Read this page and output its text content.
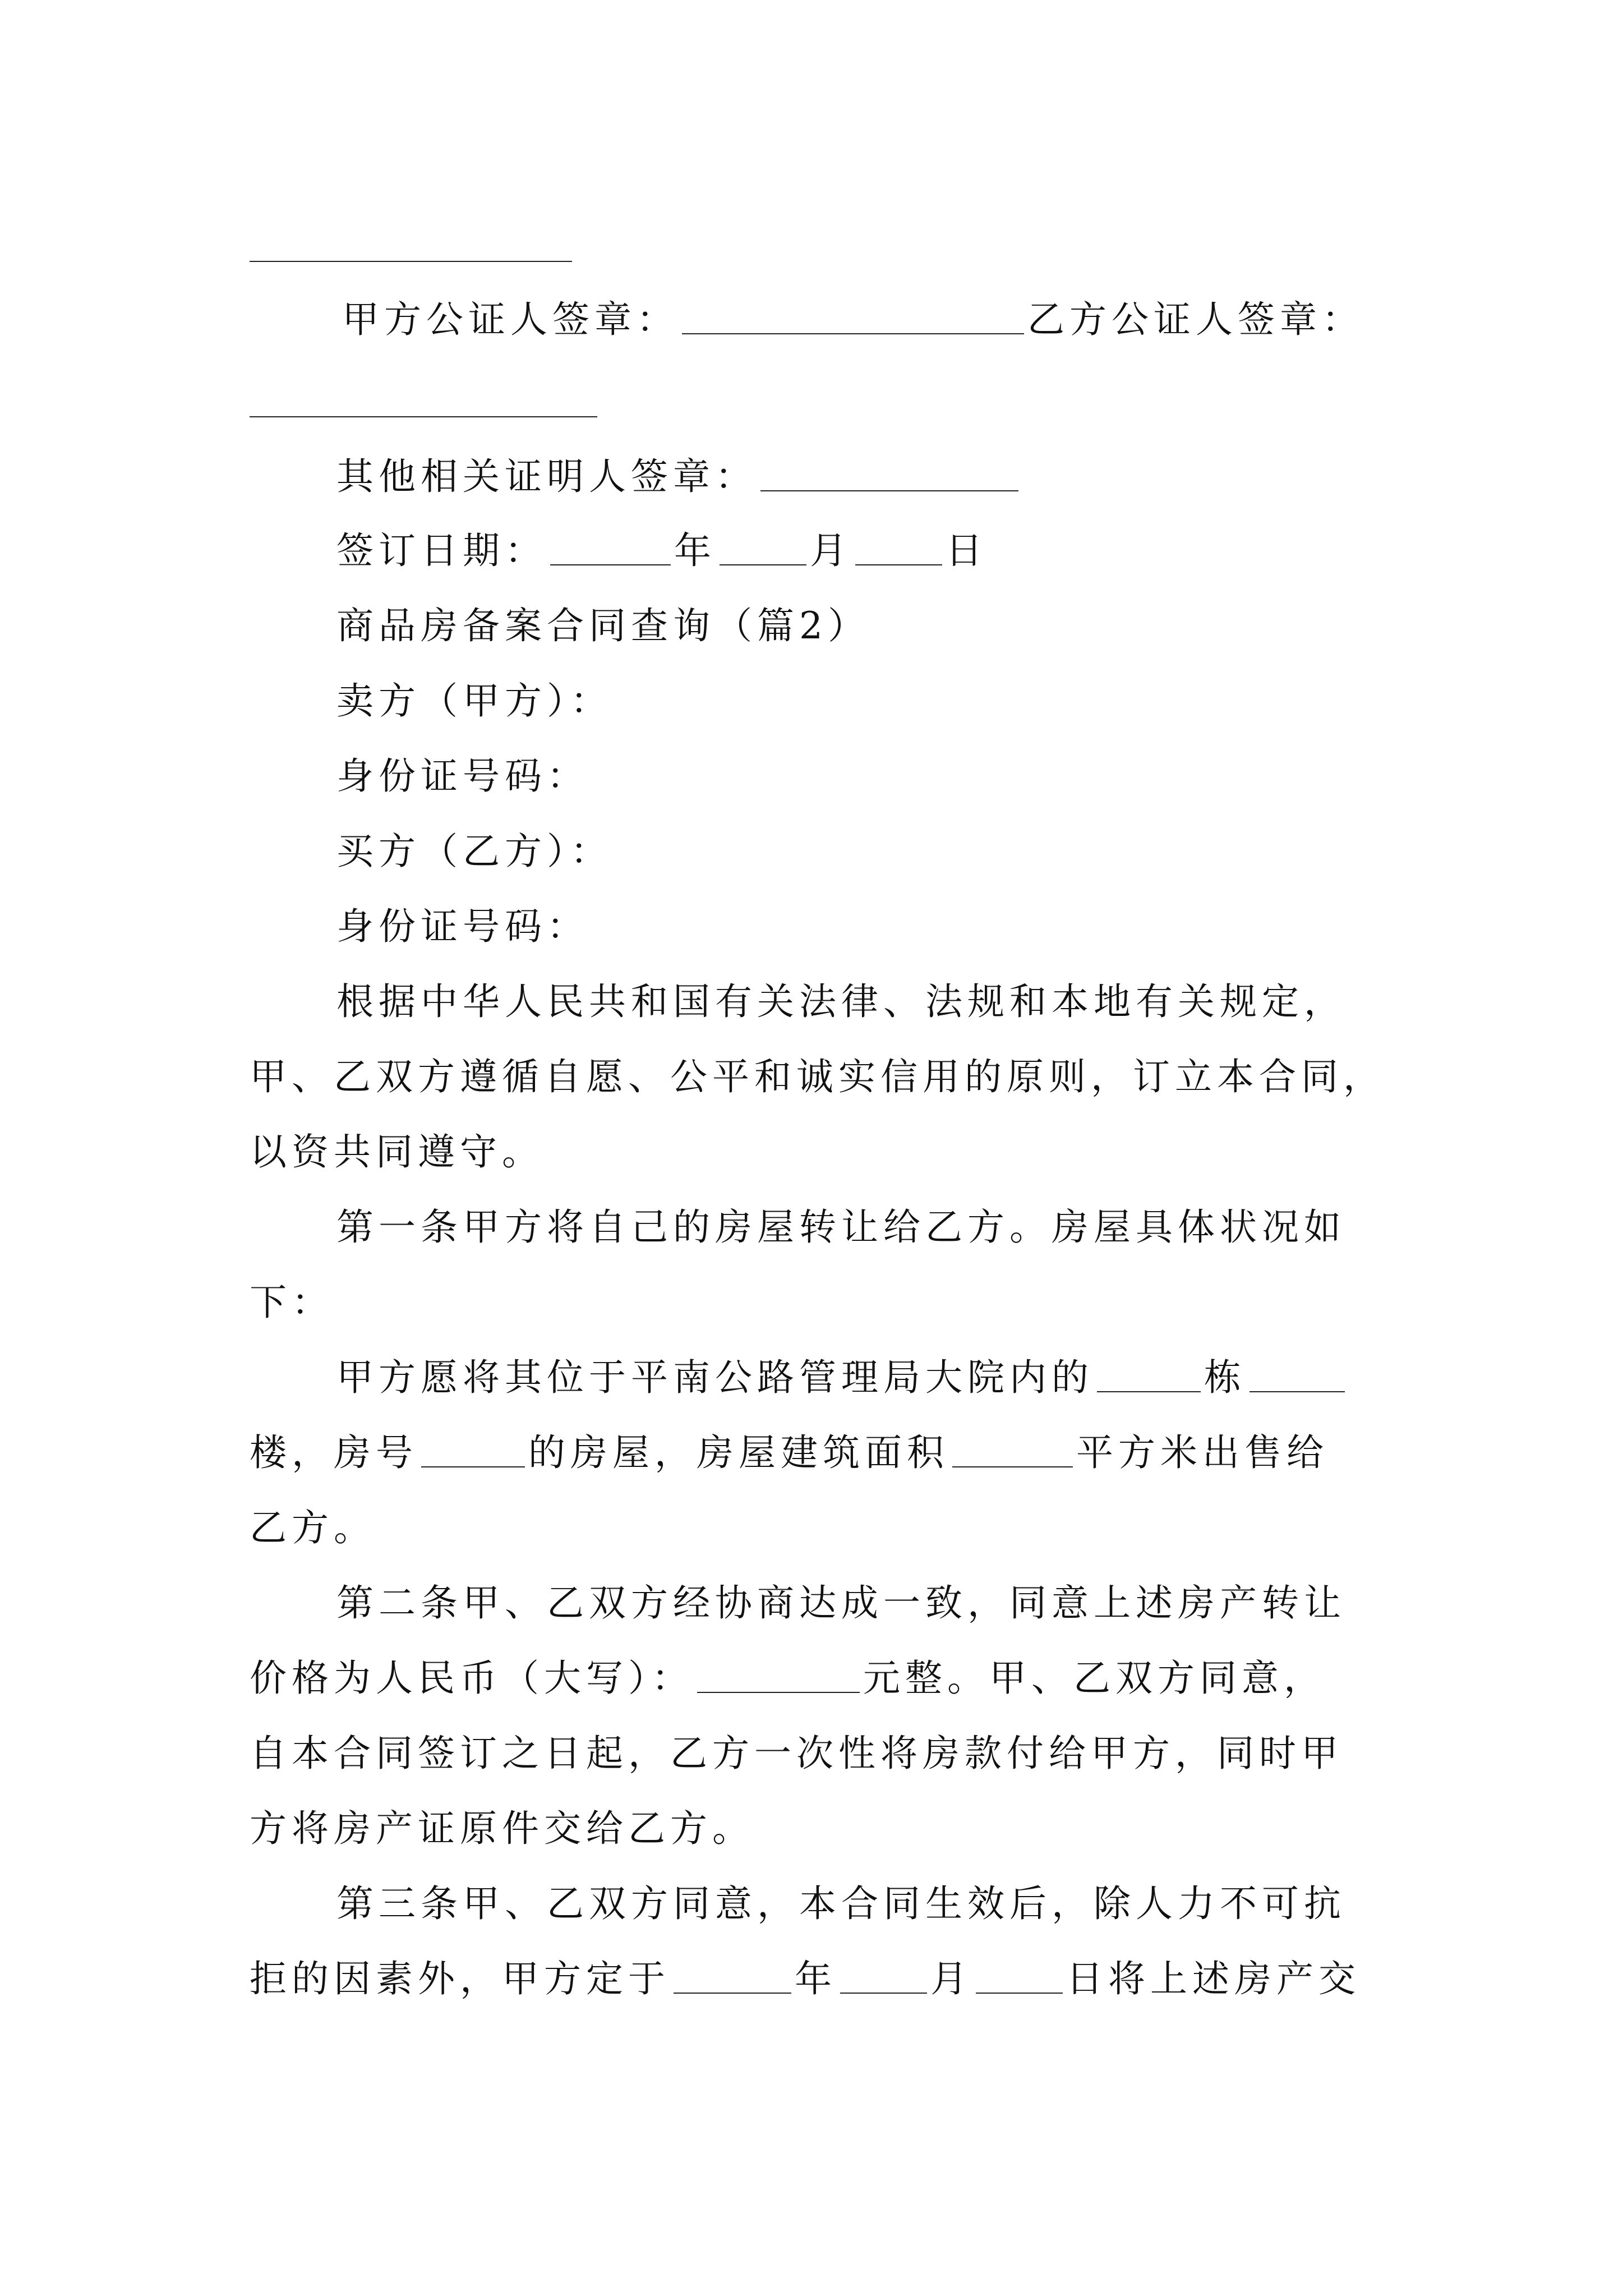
甲方公证人签章：	乙方公证人签章：
其他相关证明人签章：
签订日期：	年	月	日
商品房备案合同查询（篇2）
卖方（甲方）：
身份证号码：
买方（乙方）：
身份证号码：
根据中华人民共和国有关法律、法规和本地有关规定，
甲、乙双方遵循自愿、公平和诚实信用的原则，订立本合同，
以资共同遵守。
第一条甲方将自己的房屋转让给乙方。房屋具体状况如
下：
甲方愿将其位于平南公路管理局大院内的	栋
楼，房号	的房屋，房屋建筑面积	平方米出售给
乙方。
第二条甲、乙双方经协商达成一致，同意上述房产转让
价格为人民币（大写）：	元整。甲、乙双方同意，
自本合同签订之日起，乙方一次性将房款付给甲方，同时甲
方将房产证原件交给乙方。
第三条甲、乙双方同意，本合同生效后，除人力不可抗
拒的因素外，甲方定于	年	月	日将上述房产交
